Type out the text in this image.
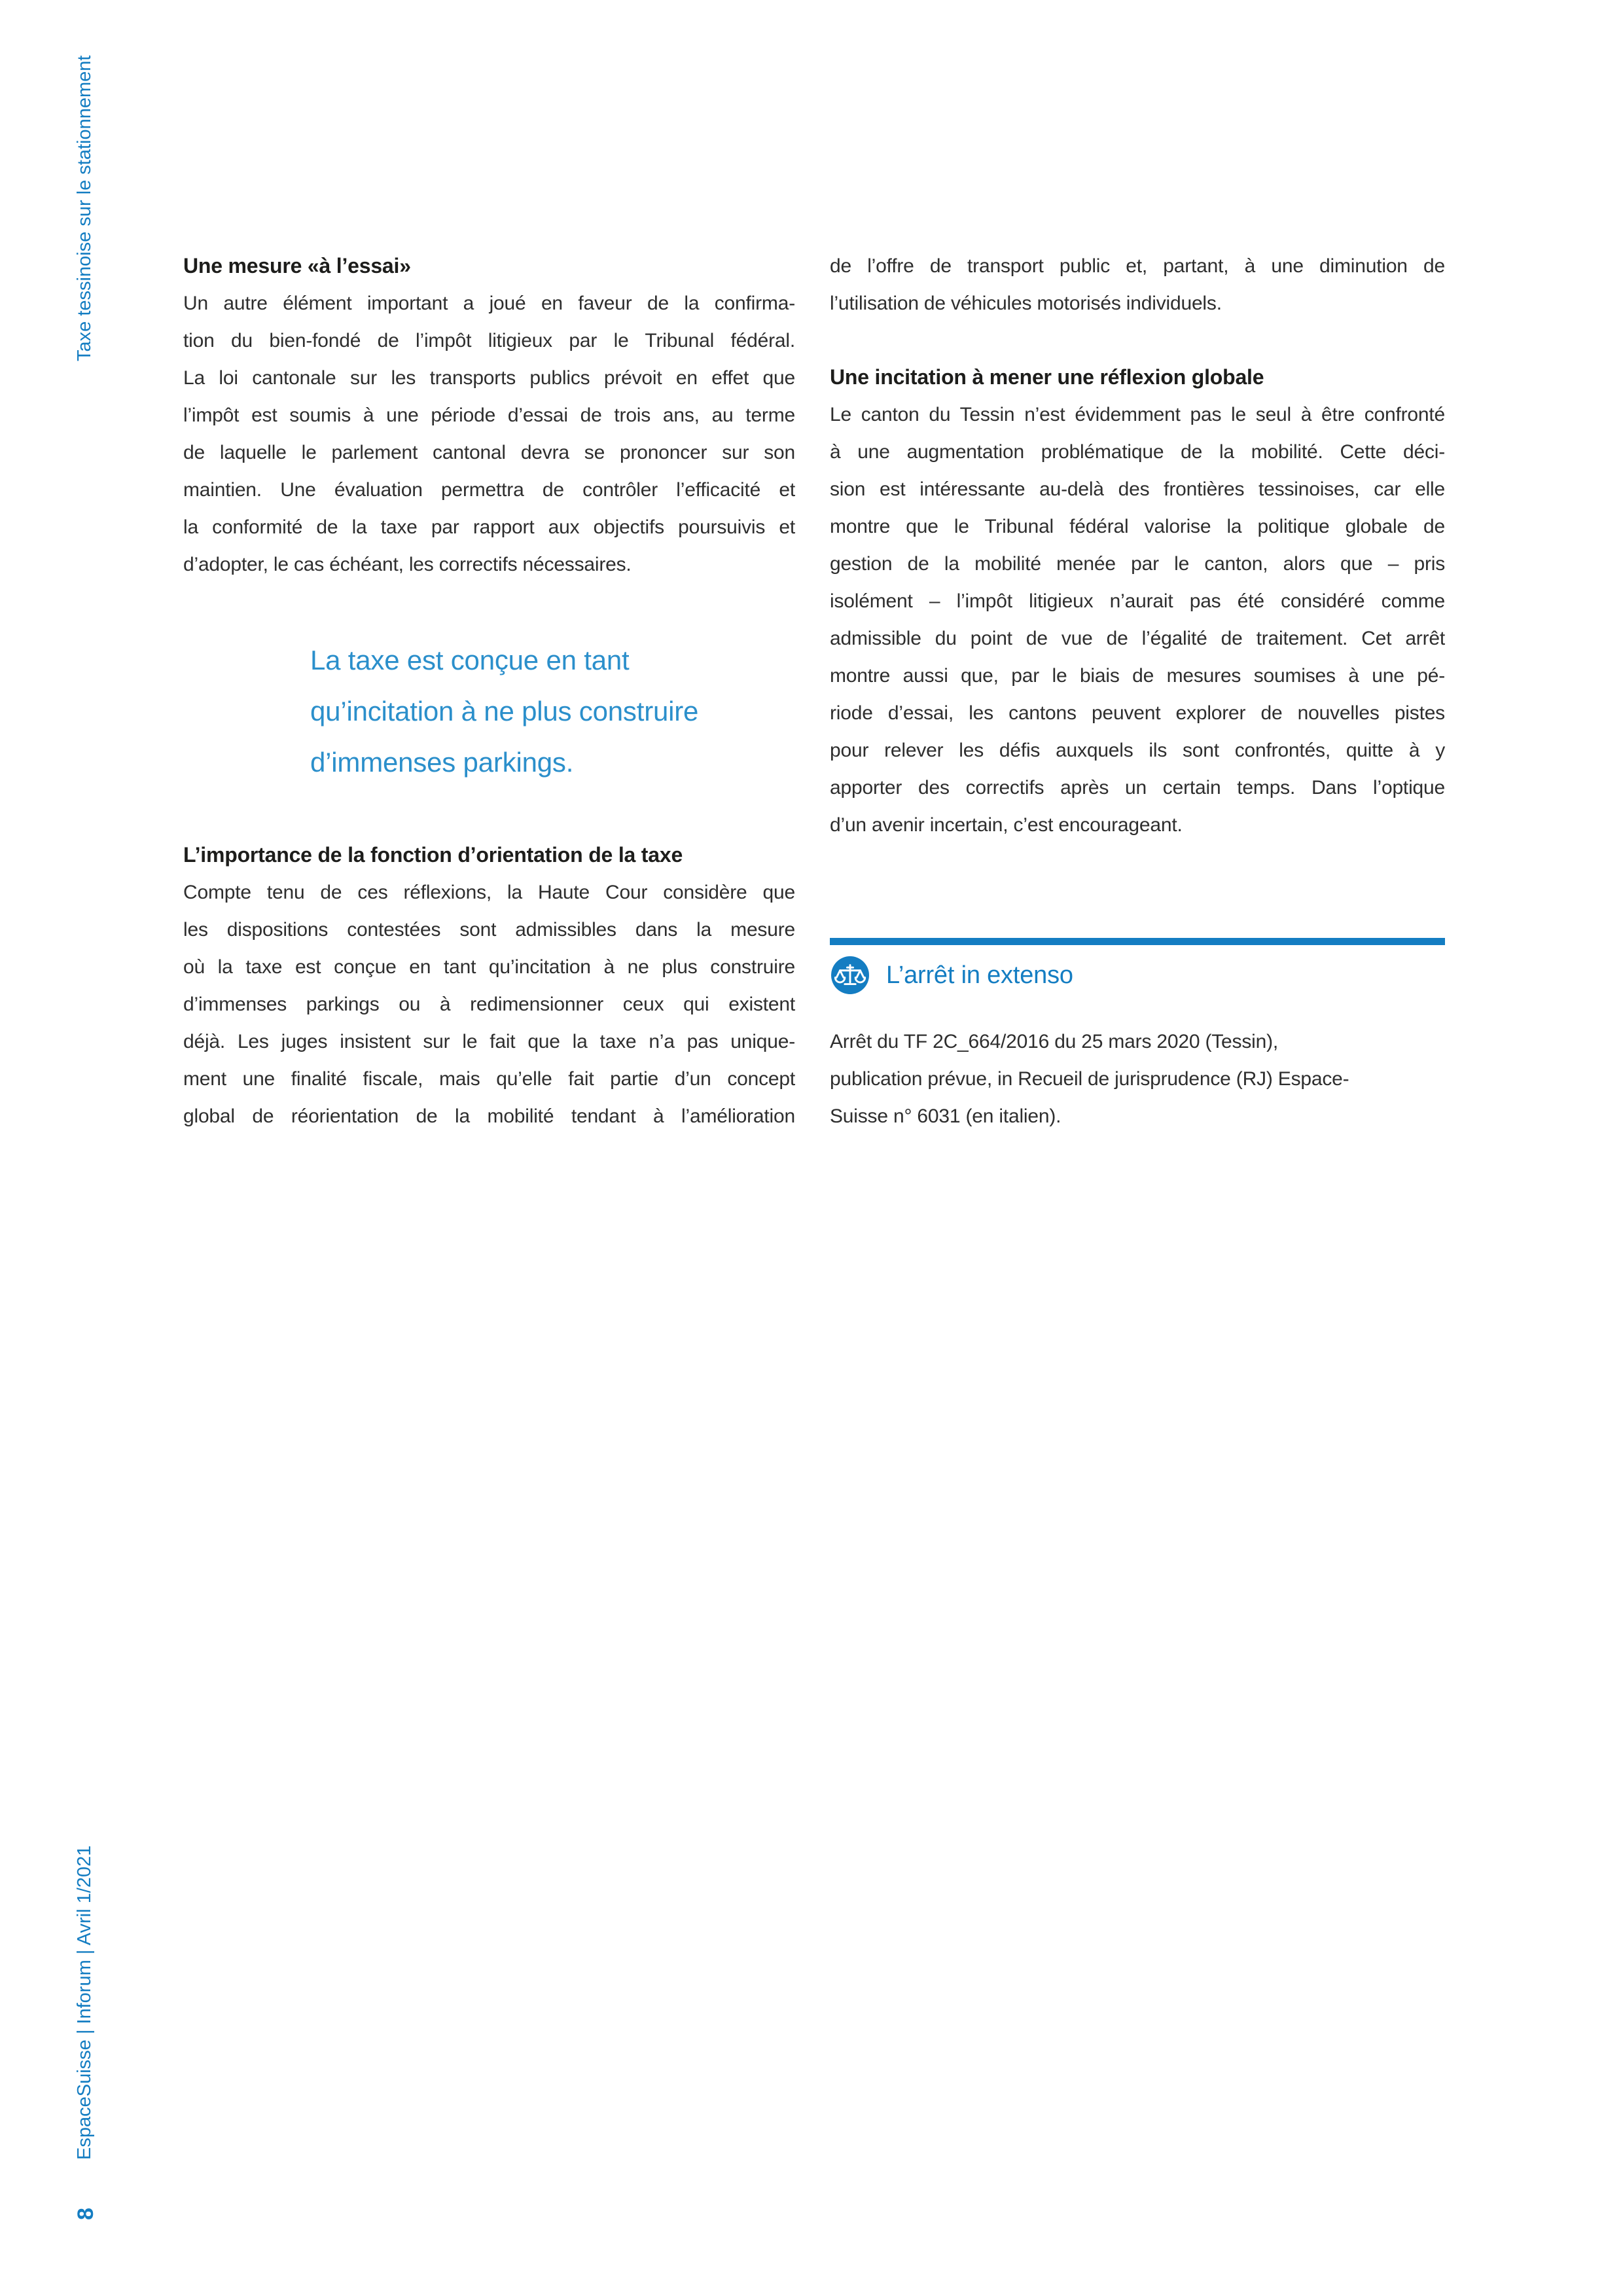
Taxe tessinoise sur le stationnement
EspaceSuisse | Inforum | Avril 1/2021
8
Une mesure «à l’essai»
Un autre élément important a joué en faveur de la confirma-
tion du bien-fondé de l’impôt litigieux par le Tribunal fédéral.
La loi cantonale sur les transports publics prévoit en effet que
l’impôt est soumis à une période d’essai de trois ans, au terme
de laquelle le parlement cantonal devra se prononcer sur son
maintien. Une évaluation permettra de contrôler l’efficacité et
la conformité de la taxe par rapport aux objectifs poursuivis et
d’adopter, le cas échéant, les correctifs nécessaires.
La taxe est conçue en tant
qu’incitation à ne plus construire
d’immenses parkings.
L’importance de la fonction d’orientation de la taxe
Compte tenu de ces réflexions, la Haute Cour considère que
les dispositions contestées sont admissibles dans la mesure
où la taxe est conçue en tant qu’incitation à ne plus construire
d’immenses parkings ou à redimensionner ceux qui existent
déjà. Les juges insistent sur le fait que la taxe n’a pas unique-
ment une finalité fiscale, mais qu’elle fait partie d’un concept
global de réorientation de la mobilité tendant à l’amélioration
de l’offre de transport public et, partant, à une diminution de
l’utilisation de véhicules motorisés individuels.
Une incitation à mener une réflexion globale
Le canton du Tessin n’est évidemment pas le seul à être confronté
à une augmentation problématique de la mobilité. Cette déci-
sion est intéressante au-delà des frontières tessinoises, car elle
montre que le Tribunal fédéral valorise la politique globale de
gestion de la mobilité menée par le canton, alors que – pris
isolément – l’impôt litigieux n’aurait pas été considéré comme
admissible du point de vue de l’égalité de traitement. Cet arrêt
montre aussi que, par le biais de mesures soumises à une pé-
riode d’essai, les cantons peuvent explorer de nouvelles pistes
pour relever les défis auxquels ils sont confrontés, quitte à y
apporter des correctifs après un certain temps. Dans l’optique
d’un avenir incertain, c’est encourageant.
L’arrêt in extenso
Arrêt du TF 2C_664/2016 du 25 mars 2020 (Tessin),
publication prévue, in Recueil de jurisprudence (RJ) Espace-
Suisse n° 6031 (en italien).
